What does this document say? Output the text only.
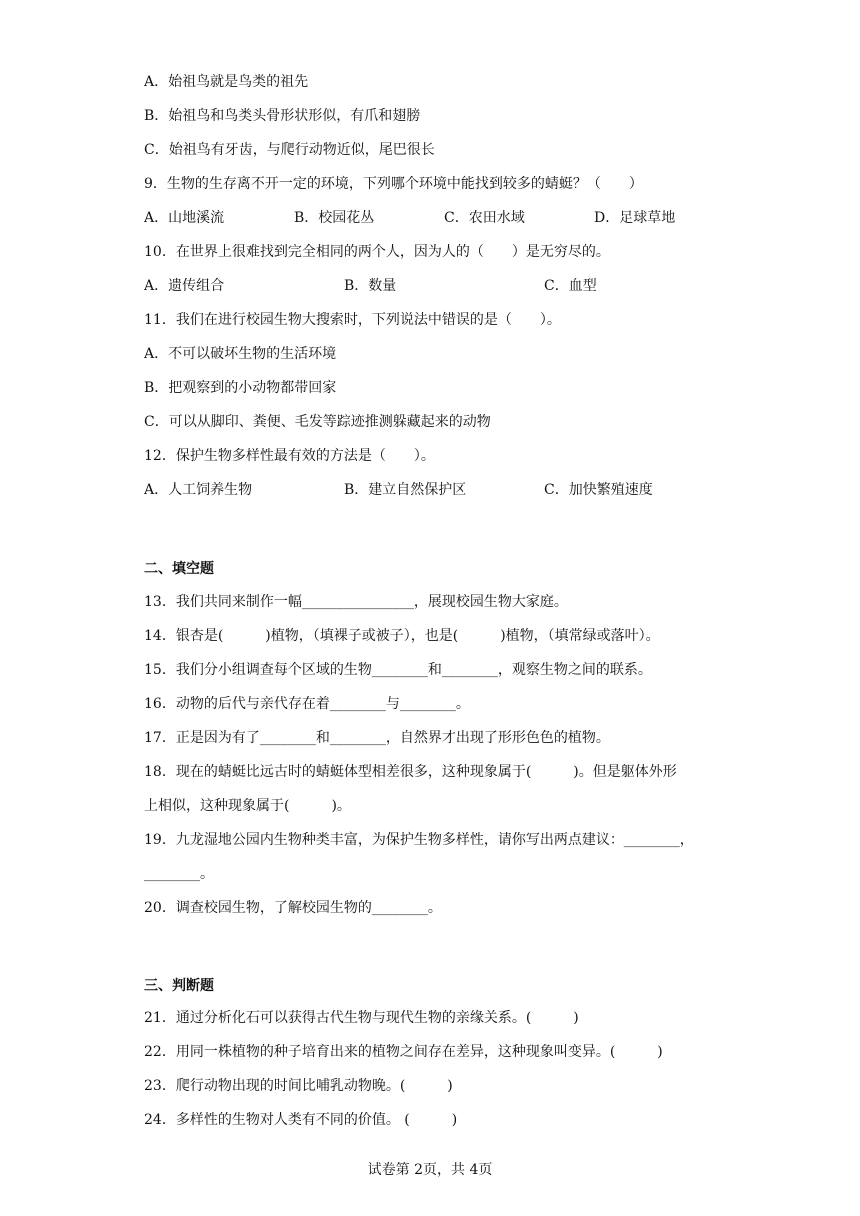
A．始祖鸟就是鸟类的祖先
B．始祖鸟和鸟类头骨形状形似，有爪和翅膀
C．始祖鸟有牙齿，与爬行动物近似，尾巴很长
9．生物的生存离不开一定的环境，下列哪个环境中能找到较多的蜻蜓？（　　）

A．山地溪流

	B．校园花丛

	C．农田水域

	D．足球草地

10．在世界上很难找到完全相同的两个人，因为人的（　　）是无穷尽的。

A．遗传组合

	B．数量

	C．血型

11．我们在进行校园生物大搜索时，下列说法中错误的是（　　）。
A．不可以破坏生物的生活环境
B．把观察到的小动物都带回家
C．可以从脚印、粪便、毛发等踪迹推测躲藏起来的动物
12．保护生物多样性最有效的方法是（　　）。

A．人工饲养生物

	B．建立自然保护区

	C．加快繁殖速度

二、填空题
13．我们共同来制作一幅________________，展现校园生物大家庭。
14．银杏是(　　　)植物，（填裸子或被子），也是(　　　)植物，（填常绿或落叶）。
15．我们分小组调查每个区域的生物________和________，观察生物之间的联系。
16．动物的后代与亲代存在着________与________。
17．正是因为有了________和________，自然界才出现了形形色色的植物。
18．现在的蜻蜓比远古时的蜻蜓体型相差很多，这种现象属于(　　　)。但是躯体外形
上相似，这种现象属于(　　　)。
19．九龙湿地公园内生物种类丰富，为保护生物多样性，请你写出两点建议：________，
________。
20．调查校园生物，了解校园生物的________。
三、判断题
21．通过分析化石可以获得古代生物与现代生物的亲缘关系。(　　　)
22．用同一株植物的种子培育出来的植物之间存在差异，这种现象叫变异。(　　　)
23．爬行动物出现的时间比哺乳动物晚。(　　　)
24．多样性的生物对人类有不同的价值。 (　　　)
试卷第 2页，共 4页
